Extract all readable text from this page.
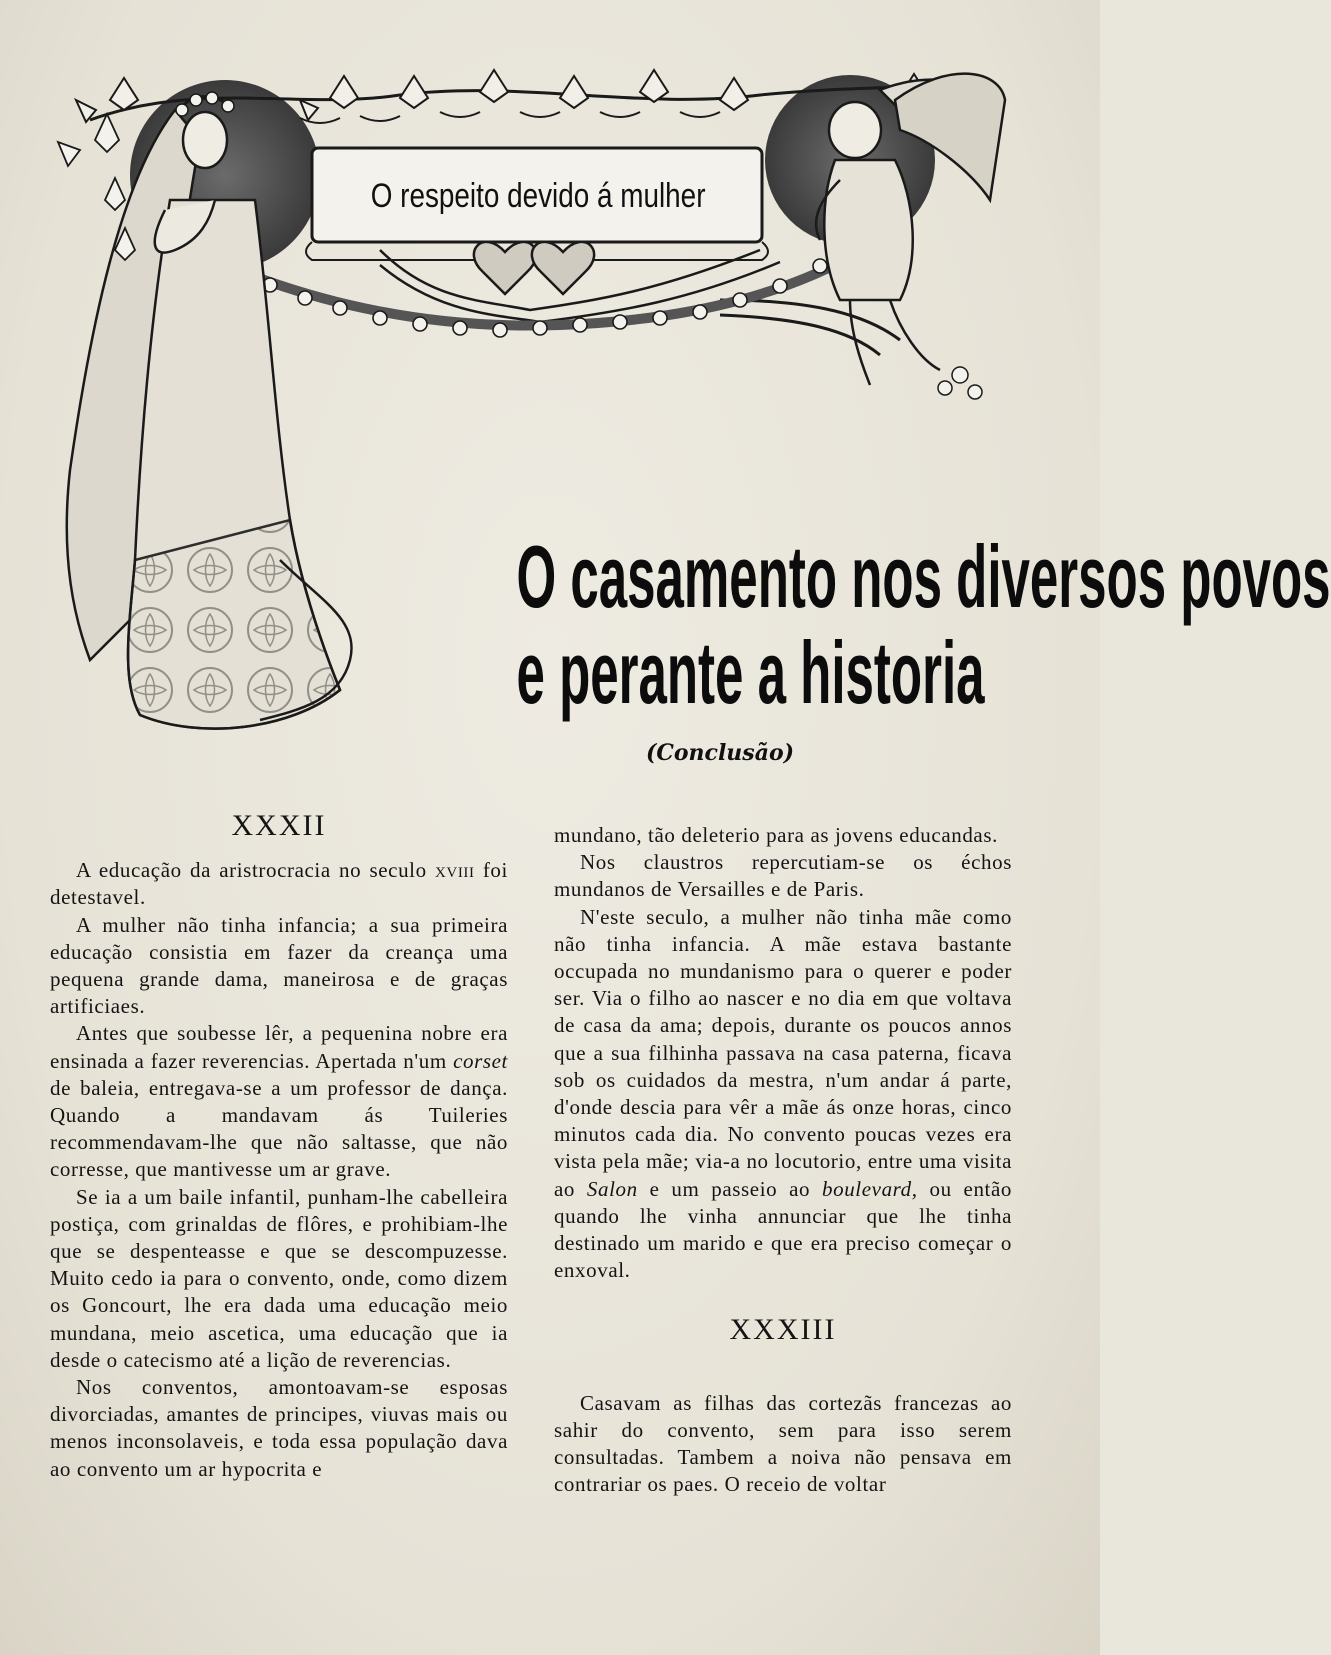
O respeito devido á mulher
O casamento nos diversos povos
e perante a historia
(Conclusão)
XXXII

A educação da aristrocracia no seculo xviii foi detestavel.

A mulher não tinha infancia; a sua primeira educação consistia em fazer da creança uma pequena grande dama, maneirosa e de graças artificiaes.

Antes que soubesse lêr, a pequenina nobre era ensinada a fazer reverencias. Apertada n'um corset de baleia, entregava-se a um professor de dança. Quando a mandavam ás Tuileries recommendavam-lhe que não saltasse, que não corresse, que mantivesse um ar grave.

Se ia a um baile infantil, punham-lhe cabelleira postiça, com grinaldas de flôres, e prohibiam-lhe que se despenteasse e que se descompuzesse. Muito cedo ia para o convento, onde, como dizem os Goncourt, lhe era dada uma educação meio mundana, meio ascetica, uma educação que ia desde o catecismo até a lição de reverencias.

Nos conventos, amontoavam-se esposas divorciadas, amantes de principes, viuvas mais ou menos inconsolaveis, e toda essa população dava ao convento um ar hypocrita e

mundano, tão deleterio para as jovens educandas.

Nos claustros repercutiam-se os échos mundanos de Versailles e de Paris.

N'este seculo, a mulher não tinha mãe como não tinha infancia. A mãe estava bastante occupada no mundanismo para o querer e poder ser. Via o filho ao nascer e no dia em que voltava de casa da ama; depois, durante os poucos annos que a sua filhinha passava na casa paterna, ficava sob os cuidados da mestra, n'um andar á parte, d'onde descia para vêr a mãe ás onze horas, cinco minutos cada dia. No convento poucas vezes era vista pela mãe; via-a no locutorio, entre uma visita ao Salon e um passeio ao boulevard, ou então quando lhe vinha annunciar que lhe tinha destinado um marido e que era preciso começar o enxoval.

XXXIII

Casavam as filhas das cortezãs francezas ao sahir do convento, sem para isso serem consultadas. Tambem a noiva não pensava em contrariar os paes. O receio de voltar
